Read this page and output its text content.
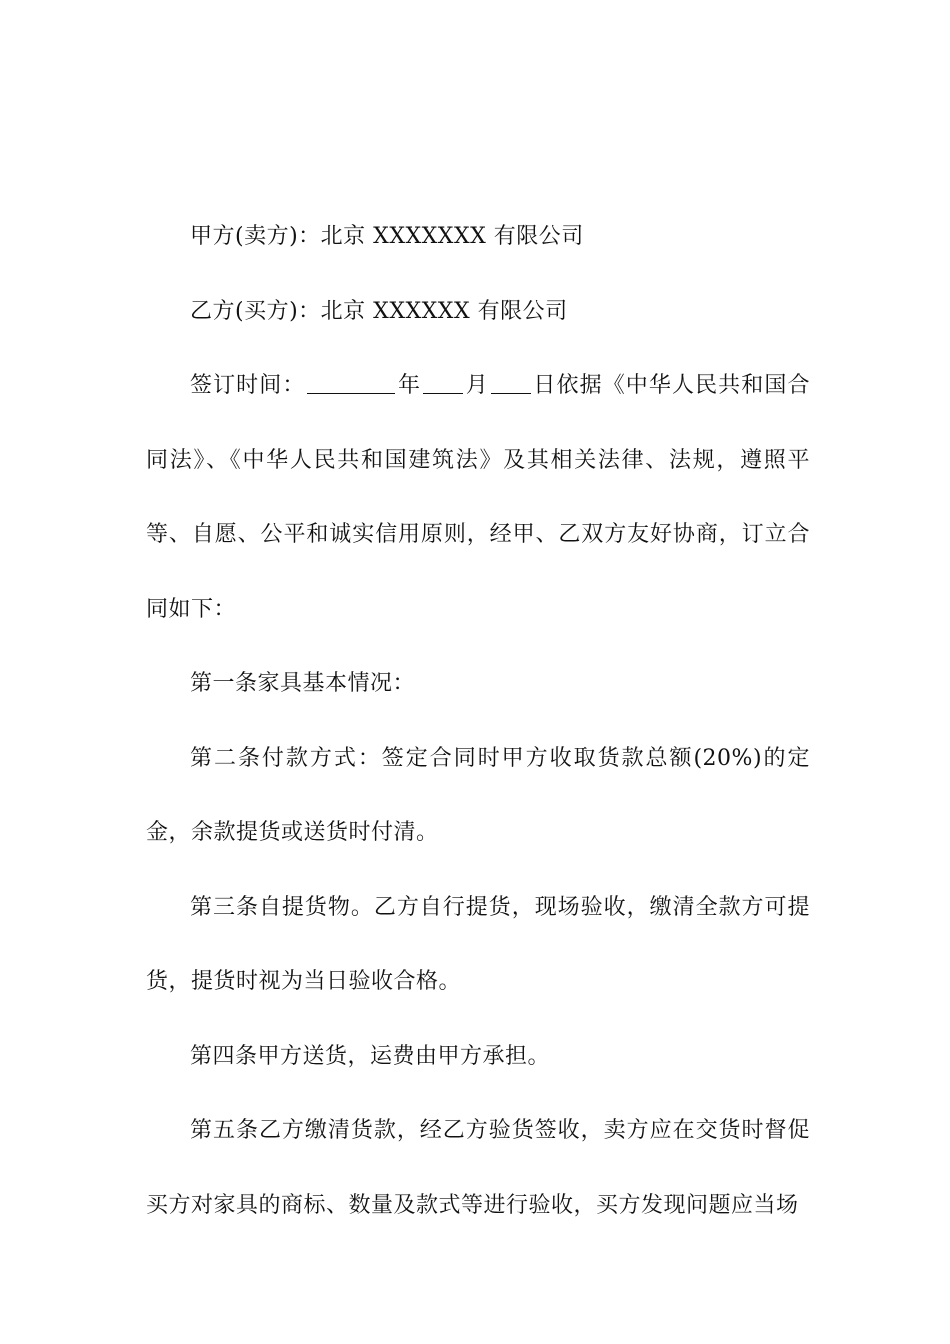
甲方(卖方)：北京 XXXXXXX 有限公司

乙方(买方)：北京 XXXXXX 有限公司

签订时间：	年 月 日依据《中华人民共和国合同法》、《中华人民共和国建筑法》及其相关法律、法规，遵照平等、自愿、公平和诚实信用原则，经甲、乙双方友好协商，订立合同如下：

第一条家具基本情况：

第二条付款方式：签定合同时甲方收取货款总额(20%)的定金，余款提货或送货时付清。

第三条自提货物。乙方自行提货，现场验收，缴清全款方可提货，提货时视为当日验收合格。

第四条甲方送货，运费由甲方承担。

第五条乙方缴清货款，经乙方验货签收，卖方应在交货时督促买方对家具的商标、数量及款式等进行验收，买方发现问题应当场
